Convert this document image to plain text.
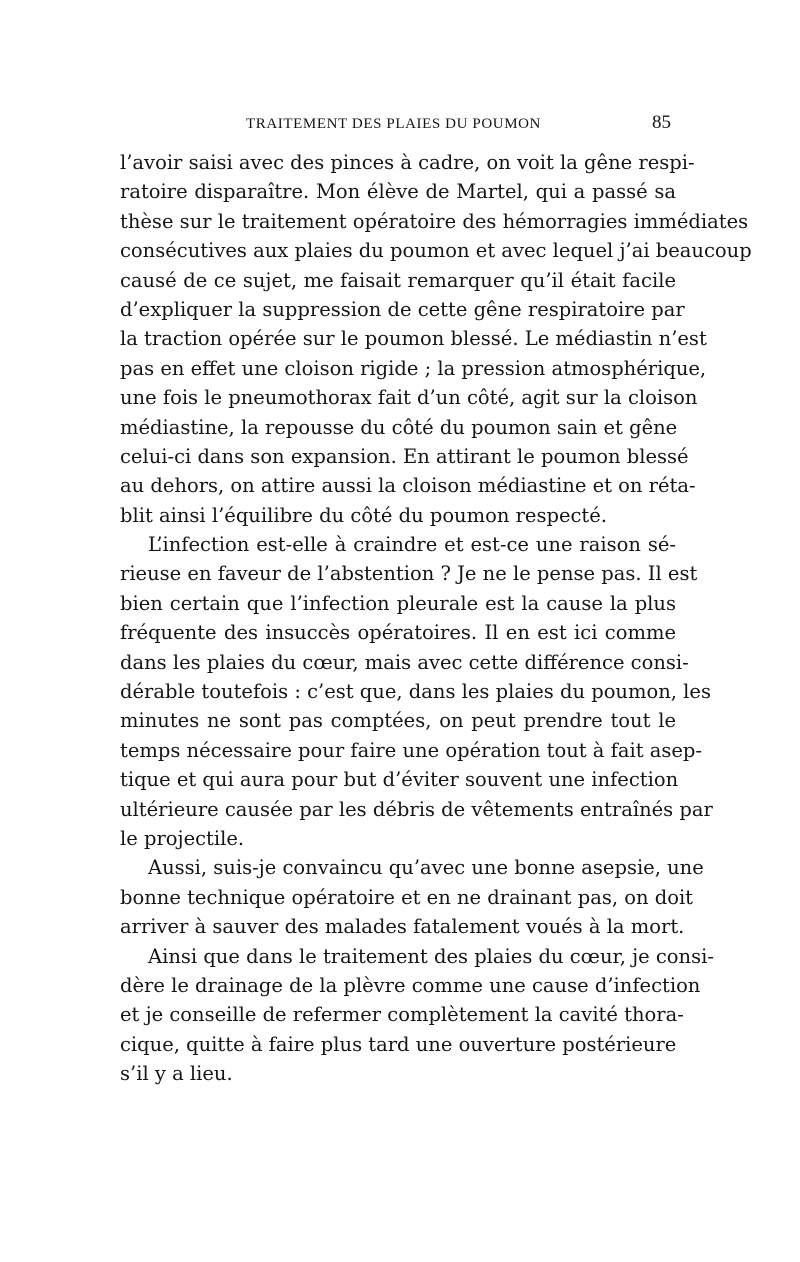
TRAITEMENT DES PLAIES DU POUMON	85
l’avoir saisi avec des pinces à cadre, on voit la gêne respi-
ratoire disparaître. Mon élève de Martel, qui a passé sa
thèse sur le traitement opératoire des hémorragies immédiates
consécutives aux plaies du poumon et avec lequel j’ai beaucoup
causé de ce sujet, me faisait remarquer qu’il était facile
d’expliquer la suppression de cette gêne respiratoire par
la traction opérée sur le poumon blessé. Le médiastin n’est
pas en effet une cloison rigide ; la pression atmosphérique,
une fois le pneumothorax fait d’un côté, agit sur la cloison
médiastine, la repousse du côté du poumon sain et gêne
celui-ci dans son expansion. En attirant le poumon blessé
au dehors, on attire aussi la cloison médiastine et on réta-
blit ainsi l’équilibre du côté du poumon respecté.
L’infection est-elle à craindre et est-ce une raison sé-
rieuse en faveur de l’abstention ? Je ne le pense pas. Il est
bien certain que l’infection pleurale est la cause la plus
fréquente des insuccès opératoires. Il en est ici comme
dans les plaies du cœur, mais avec cette différence consi-
dérable toutefois : c’est que, dans les plaies du poumon, les
minutes ne sont pas comptées, on peut prendre tout le
temps nécessaire pour faire une opération tout à fait asep-
tique et qui aura pour but d’éviter souvent une infection
ultérieure causée par les débris de vêtements entraînés par
le projectile.
Aussi, suis-je convaincu qu’avec une bonne asepsie, une
bonne technique opératoire et en ne drainant pas, on doit
arriver à sauver des malades fatalement voués à la mort.
Ainsi que dans le traitement des plaies du cœur, je consi-
dère le drainage de la plèvre comme une cause d’infection
et je conseille de refermer complètement la cavité thora-
cique, quitte à faire plus tard une ouverture postérieure
s’il y a lieu.
